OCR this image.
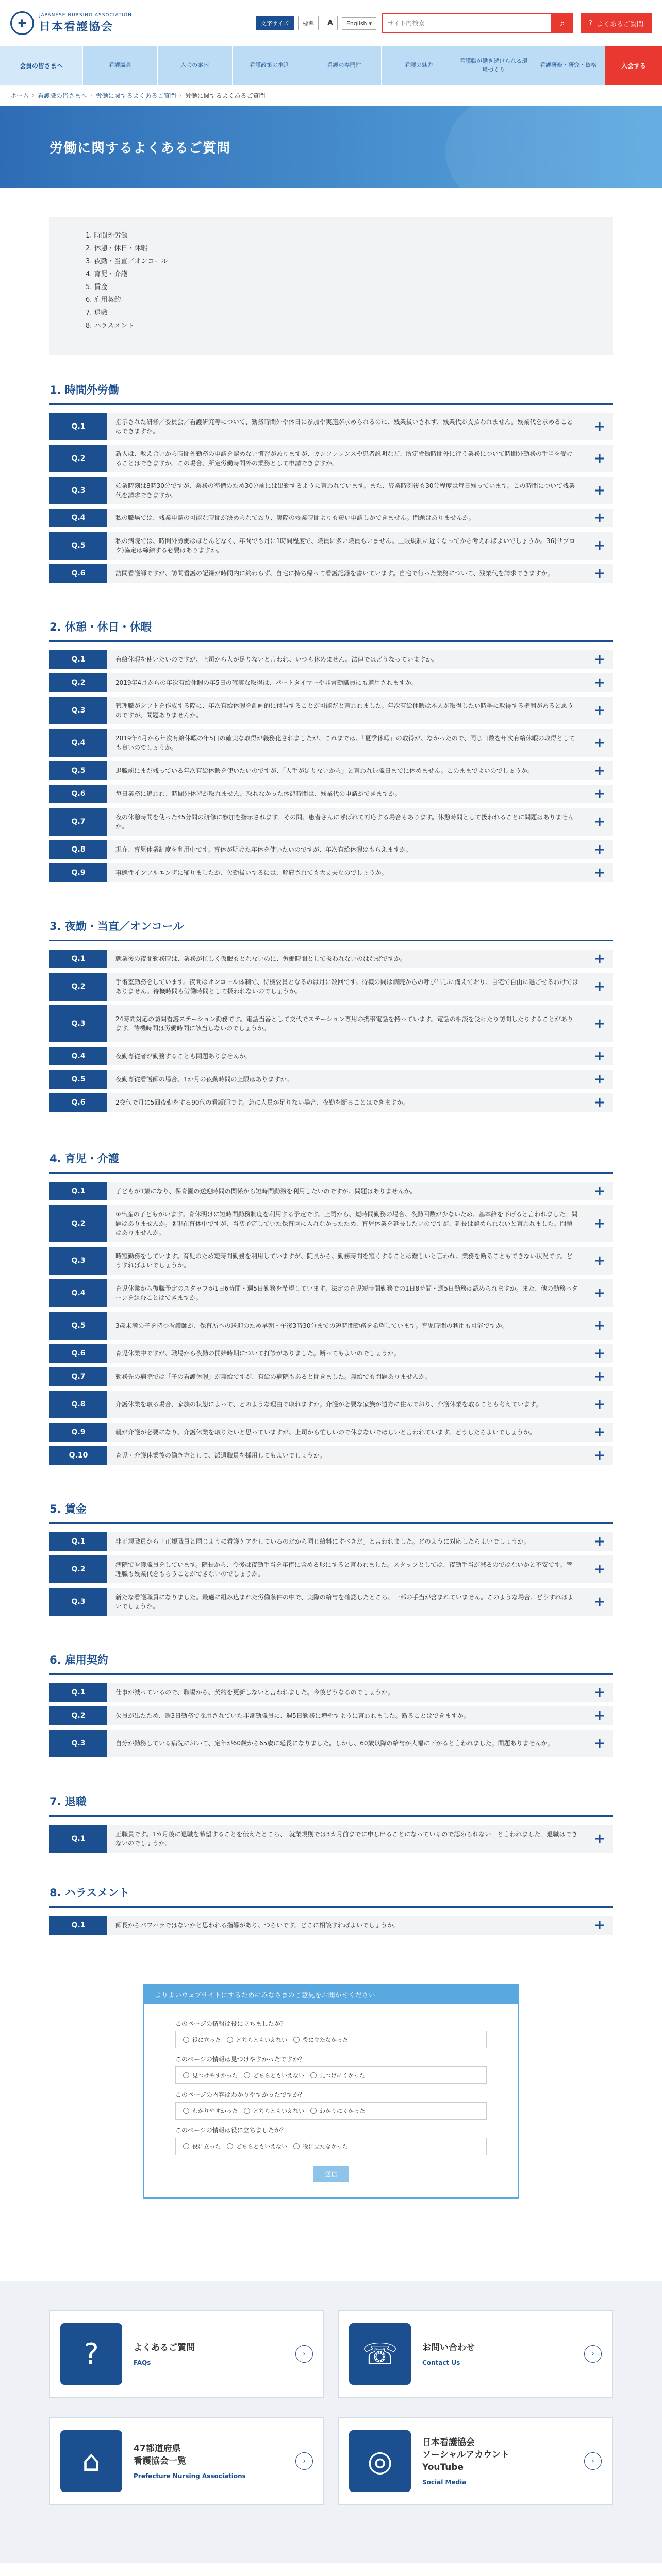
✚
JAPANESE NURSING ASSOCIATION
日本看護協会	文字サイズ	標準	A	English ▾
サイト内検索	⌕	? よくあるご質問
会員の皆さまへ	看護職員	入会の案内	看護政策の推進	看護の専門性	看護の魅力
看護職が働き続けられる環境づくり
看護研修・研究・資格	入会する
ホーム › 看護職の皆さまへ › 労働に関するよくあるご質問 › 労働に関するよくあるご質問
労働に関するよくあるご質問
1. 時間外労働
2. 休憩・休日・休暇
3. 夜勤・当直／オンコール
4. 育児・介護
5. 賃金
6. 雇用契約
7. 退職
8. ハラスメント
1. 時間外労働
Q.1
指示された研修／委員会／看護研究等について、勤務時間外や休日に参加や実施が求められるのに、残業扱いされず、残業代が支払われません。残業代を求めることはできますか。	+
Q.2
新人は、教え合いから時間外勤務の申請を認めない慣習がありますが、カンファレンスや患者説明など、所定労働時間外に行う業務について時間外勤務の手当を受けることはできますか。この場合、所定労働時間外の業務として申請できますか。	+
Q.3
始業時刻は8時30分ですが、業務の準備のため30分前には出勤するように言われています。また、終業時刻後も30分程度は毎日残っています。この時間について残業代を請求できますか。	+
Q.4	私の職場では、残業申請の可能な時間が決められており、実際の残業時間よりも短い申請しかできません。問題はありませんか。	+
Q.5
私の病院では、時間外労働はほとんどなく、年間でも月に1時間程度で、職員に多い職員もいません。上限規制に近くなってから考えればよいでしょうか。36(サブロク)協定は締結する必要はありますか。	+
Q.6	訪問看護師ですが、訪問看護の記録が時間内に終わらず、自宅に持ち帰って看護記録を書いています。自宅で行った業務について、残業代を請求できますか。	+
2. 休憩・休日・休暇
Q.1	有給休暇を使いたいのですが、上司から人が足りないと言われ、いつも休めません。法律ではどうなっていますか。	+
Q.2	2019年4月からの年次有給休暇の年5日の確実な取得は、パートタイマーや非常勤職員にも適用されますか。	+
Q.3
管理職がシフトを作成する際に、年次有給休暇を計画的に付与することが可能だと言われました。年次有給休暇は本人が取得したい時季に取得する権利があると思うのですが、問題ありませんか。	+
Q.4
2019年4月から年次有給休暇の年5日の確実な取得が義務化されましたが、これまでは、「夏季休暇」の取得が、なかったので、同じ日数を年次有給休暇の取得としても良いのでしょうか。	+
Q.5	退職前にまだ残っている年次有給休暇を使いたいのですが、「人手が足りないから」と言われ退職日までに休めません。このままでよいのでしょうか。	+
Q.6	毎日業務に追われ、時間外休憩が取れません。取れなかった休憩時間は、残業代の申請ができますか。	+
Q.7
夜の休憩時間を使った45分間の研修に参加を指示されます。その間、患者さんに呼ばれて対応する場合もあります。休憩時間として扱われることに問題はありませんか。	+
Q.8	現在、育児休業制度を利用中です。育休が明けた年休を使いたいのですが、年次有給休暇はもらえますか。	+
Q.9	事態性インフルエンザに罹りましたが、欠勤扱いするには、解雇されても大丈夫なのでしょうか。	+
3. 夜勤・当直／オンコール
Q.1	就業後の夜間勤務時は、業務が忙しく仮眠もとれないのに、労働時間として扱われないのはなぜですか。	+
Q.2
手術室勤務をしています。夜間はオンコール体制で、待機要員となるのは月に数回です。待機の間は病院からの呼び出しに備えており、自宅で自由に過ごせるわけではありません。待機時間も労働時間として扱われないのでしょうか。	+
Q.3
24時間対応の訪問看護ステーション勤務です。電話当番として交代でステーション専用の携帯電話を持っています。電話の相談を受けたり訪問したりすることがあります。待機時間は労働時間に該当しないのでしょうか。	+
Q.4	夜勤専従者が勤務することも問題ありませんか。	+
Q.5	夜勤専従看護師の場合、1か月の夜勤時間の上限はありますか。	+
Q.6	2交代で月に5回夜勤をする90代の看護師です。急に人員が足りない場合、夜勤を断ることはできますか。	+
4. 育児・介護
Q.1	子どもが1歳になり、保育園の送迎時間の関係から短時間勤務を利用したいのですが、問題はありませんか。	+
Q.2
①出産の子どもがいます。育休明けに短時間勤務制度を利用する予定です。上司から、短時間勤務の場合、夜勤回数が少ないため、基本給を下げると言われました。問題はありませんか。②現在育休中ですが、当初予定していた保育園に入れなかったため、育児休業を延長したいのですが、延長は認められないと言われました。問題はありませんか。
+
Q.3
時短勤務をしています。育児のため短時間勤務を利用していますが、院長から、勤務時間を短くすることは難しいと言われ、業務を断ることもできない状況です。どうすればよいでしょうか。	+
Q.4
育児休業から復職予定のスタッフが1日6時間・週5日勤務を希望しています。法定の育児短時間勤務での1日8時間・週5日勤務は認められますか。また、他の勤務パターンを組むことはできますか。	+
Q.5	3歳未満の子を持つ看護師が、保育所への送迎のため早朝・午後3時30分までの短時間勤務を希望しています。育児時間の利用も可能ですか。	+
Q.6	育児休業中ですが、職場から夜勤の開始時期について打診がありました。断ってもよいのでしょうか。	+
Q.7	勤務先の病院では「子の看護休暇」が無給ですが、有給の病院もあると聞きました。無給でも問題ありませんか。	+
Q.8	介護休業を取る場合、家族の状態によって、どのような理由で取れますか。介護が必要な家族が遠方に住んでおり、介護休業を取ることも考えています。	+
Q.9	親が介護が必要になり、介護休業を取りたいと思っていますが、上司から忙しいので休まないでほしいと言われています。どうしたらよいでしょうか。	+
Q.10	育児・介護休業後の働き方として、派遣職員を採用してもよいでしょうか。	+
5. 賃金
Q.1	非正規職員から「正規職員と同じように看護ケアをしているのだから同じ給料にすべきだ」と言われました。どのように対応したらよいでしょうか。	+
Q.2
病院で看護職員をしています。院長から、今後は夜勤手当を年俸に含める形にすると言われました。スタッフとしては、夜勤手当が減るのではないかと不安です。管理職も残業代をもらうことができないのでしょうか。	+
Q.3
新たな看護職員になりました。最適に組み込まれた労働条件の中で、実際の給与を確認したところ、一部の手当が含まれていません。このような場合、どうすればよいでしょうか。	+
6. 雇用契約
Q.1	仕事が減っているので、職場から、契約を更新しないと言われました。今後どうなるのでしょうか。	+
Q.2	欠員が出たため、週3日勤務で採用されていた非常勤職員に、週5日勤務に増やすように言われました。断ることはできますか。	+
Q.3	自分が勤務している病院において、定年が60歳から65歳に延長になりました。しかし、60歳以降の給与が大幅に下がると言われました。問題ありませんか。	+
7. 退職
Q.1
正職員です。1カ月後に退職を希望することを伝えたところ、「就業規則では3カ月前までに申し出ることになっているので認められない」と言われました。退職はできないのでしょうか。	+
8. ハラスメント
Q.1	師長からパワハラではないかと思われる指導があり、つらいです。どこに相談すればよいでしょうか。	+
よりよいウェブサイトにするためにみなさまのご意見をお聞かせください
このページの情報は役に立ちましたか？
役に立った	どちらともいえない	役に立たなかった
このページの情報は見つけやすかったですか？
見つけやすかった	どちらともいえない	見つけにくかった
このページの内容はわかりやすかったですか？
わかりやすかった	どちらともいえない	わかりにくかった
このページの情報は役に立ちましたか？
役に立った	どちらともいえない	役に立たなかった
送信
?	よくあるご質問
FAQs
›	☏	お問い合わせ
Contact Us
›
⌂	47都道府県
看護協会一覧
Prefecture Nursing Associations
›	◎
日本看護協会
ソーシャルアカウント
YouTube
Social Media
›
